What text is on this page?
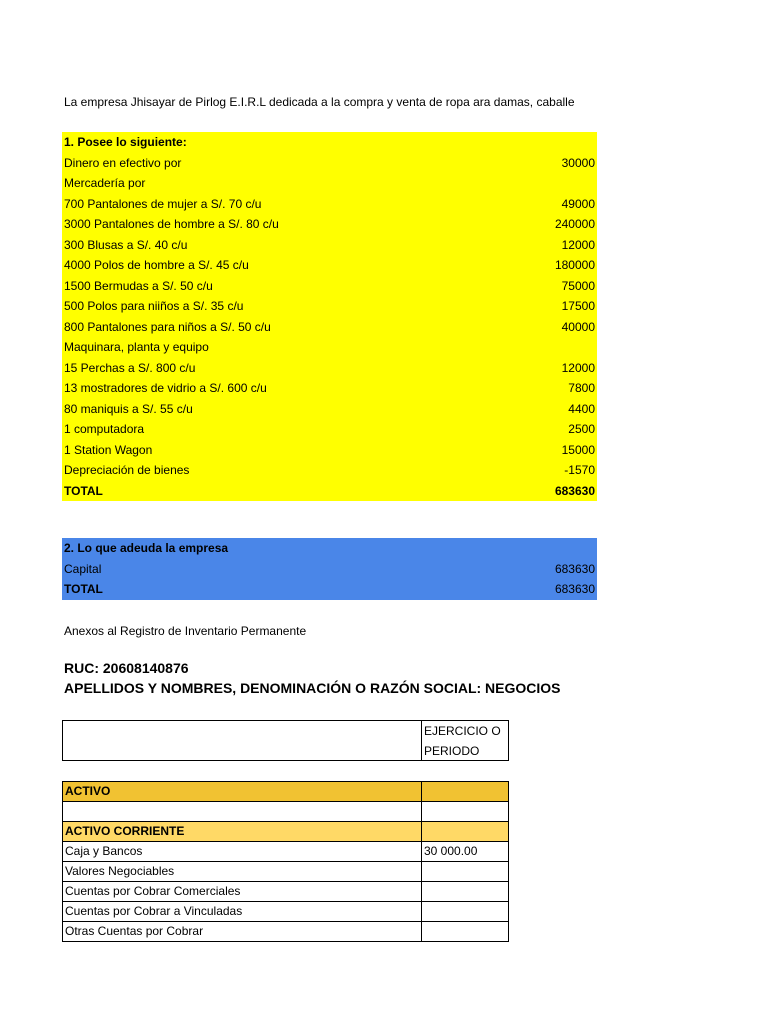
La empresa Jhisayar de Pirlog E.I.R.L dedicada a la compra y venta de ropa ara damas, caballe
1. Posee lo siguiente:
Dinero en efectivo por	30000
Mercadería por
700 Pantalones de mujer a S/. 70 c/u	49000
3000 Pantalones de hombre a S/. 80 c/u	240000
300 Blusas a S/. 40 c/u	12000
4000 Polos de hombre a S/. 45 c/u	180000
1500 Bermudas a S/. 50 c/u	75000
500 Polos para niiños a S/. 35 c/u	17500
800 Pantalones para niños a S/. 50 c/u	40000
Maquinara, planta y equipo
15 Perchas a S/. 800 c/u	12000
13 mostradores de vidrio a S/. 600 c/u	7800
80 maniquis a S/. 55 c/u	4400
1 computadora	2500
1 Station Wagon	15000
Depreciación de bienes	-1570
TOTAL	683630
2. Lo que adeuda la empresa
Capital	683630
TOTAL	683630
Anexos al Registro de Inventario Permanente
RUC: 20608140876
APELLIDOS Y NOMBRES, DENOMINACIÓN O RAZÓN SOCIAL: NEGOCIOS
EJERCICIO O PERIODO
ACTIVO	

ACTIVO CORRIENTE	
Caja y Bancos	30 000.00
Valores Negociables	
Cuentas por Cobrar Comerciales	
Cuentas por Cobrar a Vinculadas	
Otras Cuentas por Cobrar	
